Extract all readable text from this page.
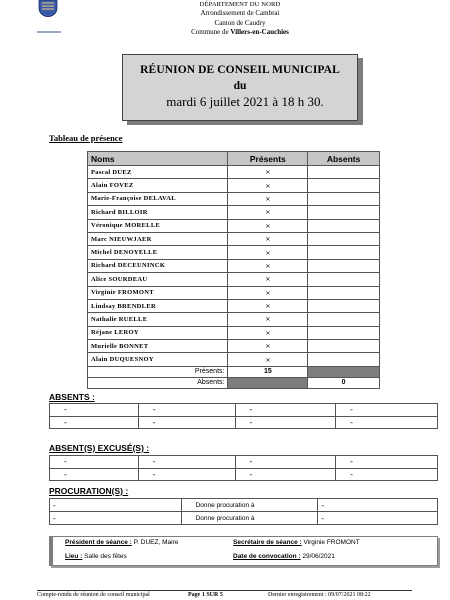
DÉPARTEMENT DU NORD
Arrondissement de Cambrai
Canton de Caudry
Commune de Villers-en-Cauchies
RÉUNION DE CONSEIL MUNICIPAL
du
mardi 6 juillet 2021 à 18 h 30.
Tableau de présence
Noms	Présents	Absents
Pascal DUEZ	×	
Alain FOVEZ	×	
Marie-Françoise DELAVAL	×	
Richard BILLOIR	×	
Véronique MORELLE	×	
Marc NIEUWJAER	×	
Michel DENOYELLE	×	
Richard DECEUNINCK	×	
Alice SOURDEAU	×	
Virginie FROMONT	×	
Lindsay BRENDLER	×	
Nathalie RUELLE	×	
Réjane LEROY	×	
Murielle BONNET	×	
Alain DUQUESNOY	×	
Présents:	15	
Absents:		0
ABSENTS :
-	-	-	-
-	-	-	-
ABSENT(S) EXCUSÉ(S) :
-	-	-	-
-	-	-	-
PROCURATION(S) :
-	Donne procuration à	-
-	Donne procuration à	-
Président de séance : P. DUEZ, Maire	Secrétaire de séance : Virginie FROMONT
Lieu : Salle des fêtes	Date de convocation : 29/06/2021
Compte-rendu de réunion de conseil municipal	Page 1 SUR 5	Dernier enregistrement : 09/07/2021 08:22
